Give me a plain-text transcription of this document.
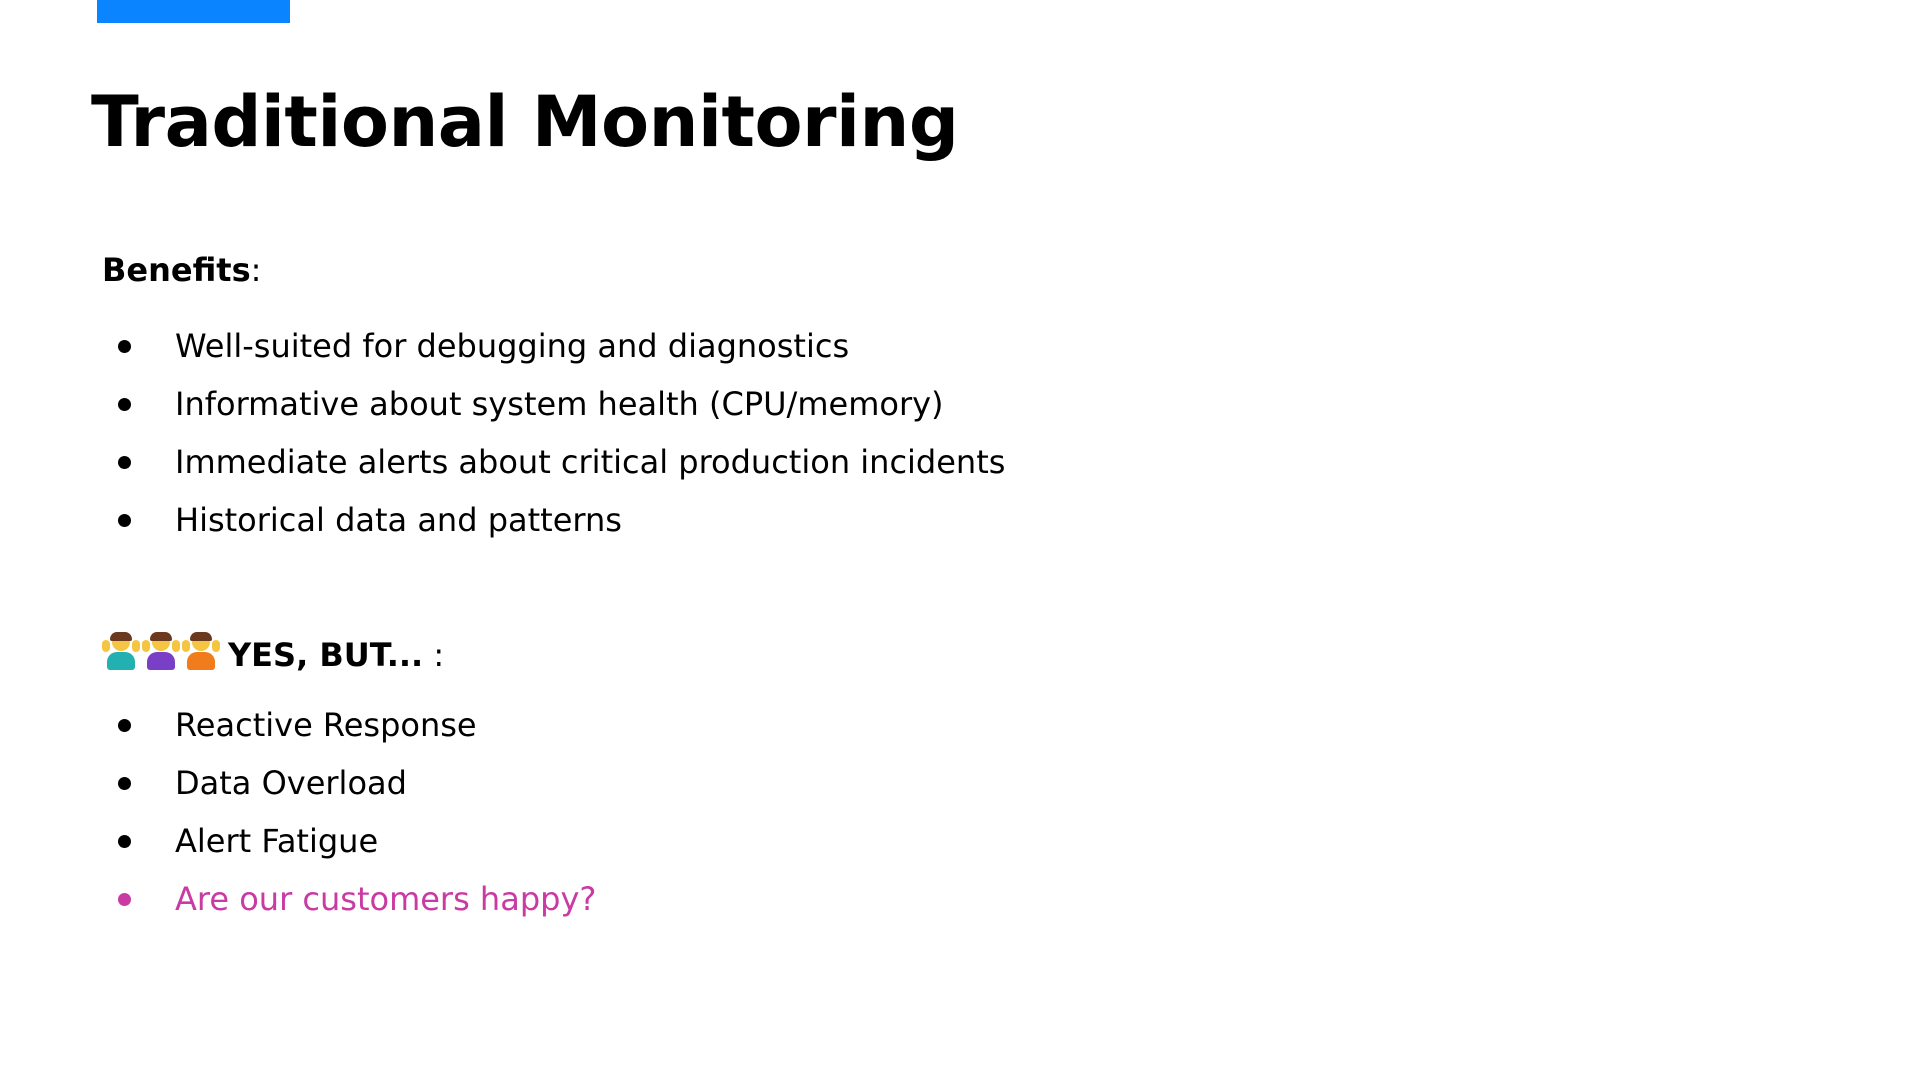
Traditional Monitoring
Benefits:
Well-suited for debugging and diagnostics
Informative about system health (CPU/memory)
Immediate alerts about critical production incidents
Historical data and patterns
YES, BUT... :
Reactive Response
Data Overload
Alert Fatigue
Are our customers happy?
